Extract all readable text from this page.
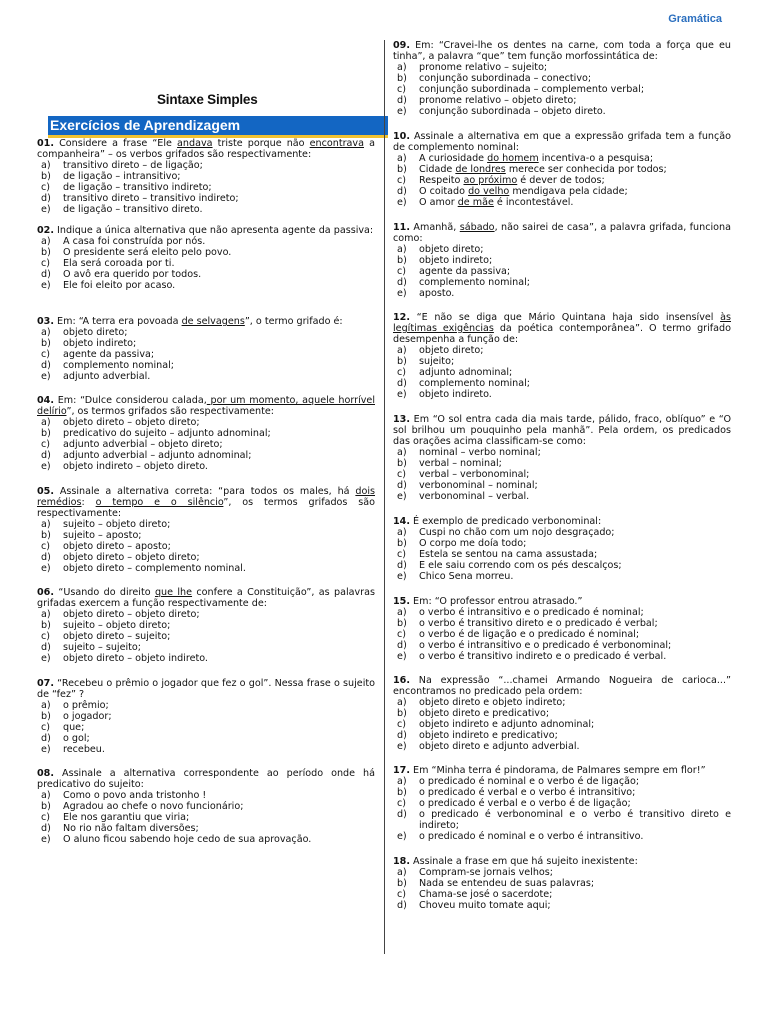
Gramática
Sintaxe Simples
Exercícios de Aprendizagem
01. Considere a frase “Ele andava triste porque não encontrava a companheira” – os verbos grifados são respectivamente:
a)	transitivo direto – de ligação;
b)	de ligação – intransitivo;
c)	de ligação – transitivo indireto;
d)	transitivo direto – transitivo indireto;
e)	de ligação – transitivo direto.
02. Indique a única alternativa que não apresenta agente da passiva:
a)	A casa foi construída por nós.
b)	O presidente será eleito pelo povo.
c)	Ela será coroada por ti.
d)	O avô era querido por todos.
e)	Ele foi eleito por acaso.
03. Em: “A terra era povoada de selvagens”, o termo grifado é:
a)	objeto direto;
b)	objeto indireto;
c)	agente da passiva;
d)	complemento nominal;
e)	adjunto adverbial.
04. Em: “Dulce considerou calada, por um momento, aquele horrível delírio”, os termos grifados são respectivamente:
a)	objeto direto – objeto direto;
b)	predicativo do sujeito – adjunto adnominal;
c)	adjunto adverbial – objeto direto;
d)	adjunto adverbial – adjunto adnominal;
e)	objeto indireto – objeto direto.
05. Assinale a alternativa correta: “para todos os males, há dois remédios: o tempo e o silêncio”, os termos grifados são respectivamente:
a)	sujeito – objeto direto;
b)	sujeito – aposto;
c)	objeto direto – aposto;
d)	objeto direto – objeto direto;
e)	objeto direto – complemento nominal.
06. “Usando do direito que lhe confere a Constituição”, as palavras grifadas exercem a função respectivamente de:
a)	objeto direto – objeto direto;
b)	sujeito – objeto direto;
c)	objeto direto – sujeito;
d)	sujeito – sujeito;
e)	objeto direto – objeto indireto.
07. “Recebeu o prêmio o jogador que fez o gol”. Nessa frase o sujeito de “fez” ?
a)	o prêmio;
b)	o jogador;
c)	que;
d)	o gol;
e)	recebeu.
08. Assinale a alternativa correspondente ao período onde há predicativo do sujeito:
a)	Como o povo anda tristonho !
b)	Agradou ao chefe o novo funcionário;
c)	Ele nos garantiu que viria;
d)	No rio não faltam diversões;
e)	O aluno ficou sabendo hoje cedo de sua aprovação.
09. Em: “Cravei-lhe os dentes na carne, com toda a força que eu tinha”, a palavra “que” tem função morfossintática de:
a)	pronome relativo – sujeito;
b)	conjunção subordinada – conectivo;
c)	conjunção subordinada – complemento verbal;
d)	pronome relativo – objeto direto;
e)	conjunção subordinada – objeto direto.
10. Assinale a alternativa em que a expressão grifada tem a função de complemento nominal:
a)	A curiosidade do homem incentiva-o a pesquisa;
b)	Cidade de londres merece ser conhecida por todos;
c)	Respeito ao próximo é dever de todos;
d)	O coitado do velho mendigava pela cidade;
e)	O amor de mãe é incontestável.
11. Amanhã, sábado, não sairei de casa”, a palavra grifada, funciona como:
a)	objeto direto;
b)	objeto indireto;
c)	agente da passiva;
d)	complemento nominal;
e)	aposto.
12. “E não se diga que Mário Quintana haja sido insensível às legítimas exigências da poética contemporânea”. O termo grifado desempenha a função de:
a)	objeto direto;
b)	sujeito;
c)	adjunto adnominal;
d)	complemento nominal;
e)	objeto indireto.
13. Em “O sol entra cada dia mais tarde, pálido, fraco, oblíquo” e “O sol brilhou um pouquinho pela manhã”. Pela ordem, os predicados das orações acima classificam-se como:
a)	nominal – verbo nominal;
b)	verbal – nominal;
c)	verbal – verbonominal;
d)	verbonominal – nominal;
e)	verbonominal – verbal.
14. É exemplo de predicado verbonominal:
a)	Cuspi no chão com um nojo desgraçado;
b)	O corpo me doía todo;
c)	Estela se sentou na cama assustada;
d)	E ele saiu correndo com os pés descalços;
e)	Chico Sena morreu.
15. Em: “O professor entrou atrasado.”
a)	o verbo é intransitivo e o predicado é nominal;
b)	o verbo é transitivo direto e o predicado é verbal;
c)	o verbo é de ligação e o predicado é nominal;
d)	o verbo é intransitivo e o predicado é verbonominal;
e)	o verbo é transitivo indireto e o predicado é verbal.
16. Na expressão “...chamei Armando Nogueira de carioca...” encontramos no predicado pela ordem:
a)	objeto direto e objeto indireto;
b)	objeto direto e predicativo;
c)	objeto indireto e adjunto adnominal;
d)	objeto indireto e predicativo;
e)	objeto direto e adjunto adverbial.
17. Em “Minha terra é pindorama, de Palmares sempre em flor!”
a)	o predicado é nominal e o verbo é de ligação;
b)	o predicado é verbal e o verbo é intransitivo;
c)	o predicado é verbal e o verbo é de ligação;
d)	o predicado é verbonominal e o verbo é transitivo direto e indireto;
e)	o predicado é nominal e o verbo é intransitivo.
18. Assinale a frase em que há sujeito inexistente:
a)	Compram-se jornais velhos;
b)	Nada se entendeu de suas palavras;
c)	Chama-se josé o sacerdote;
d)	Choveu muito tomate aqui;
